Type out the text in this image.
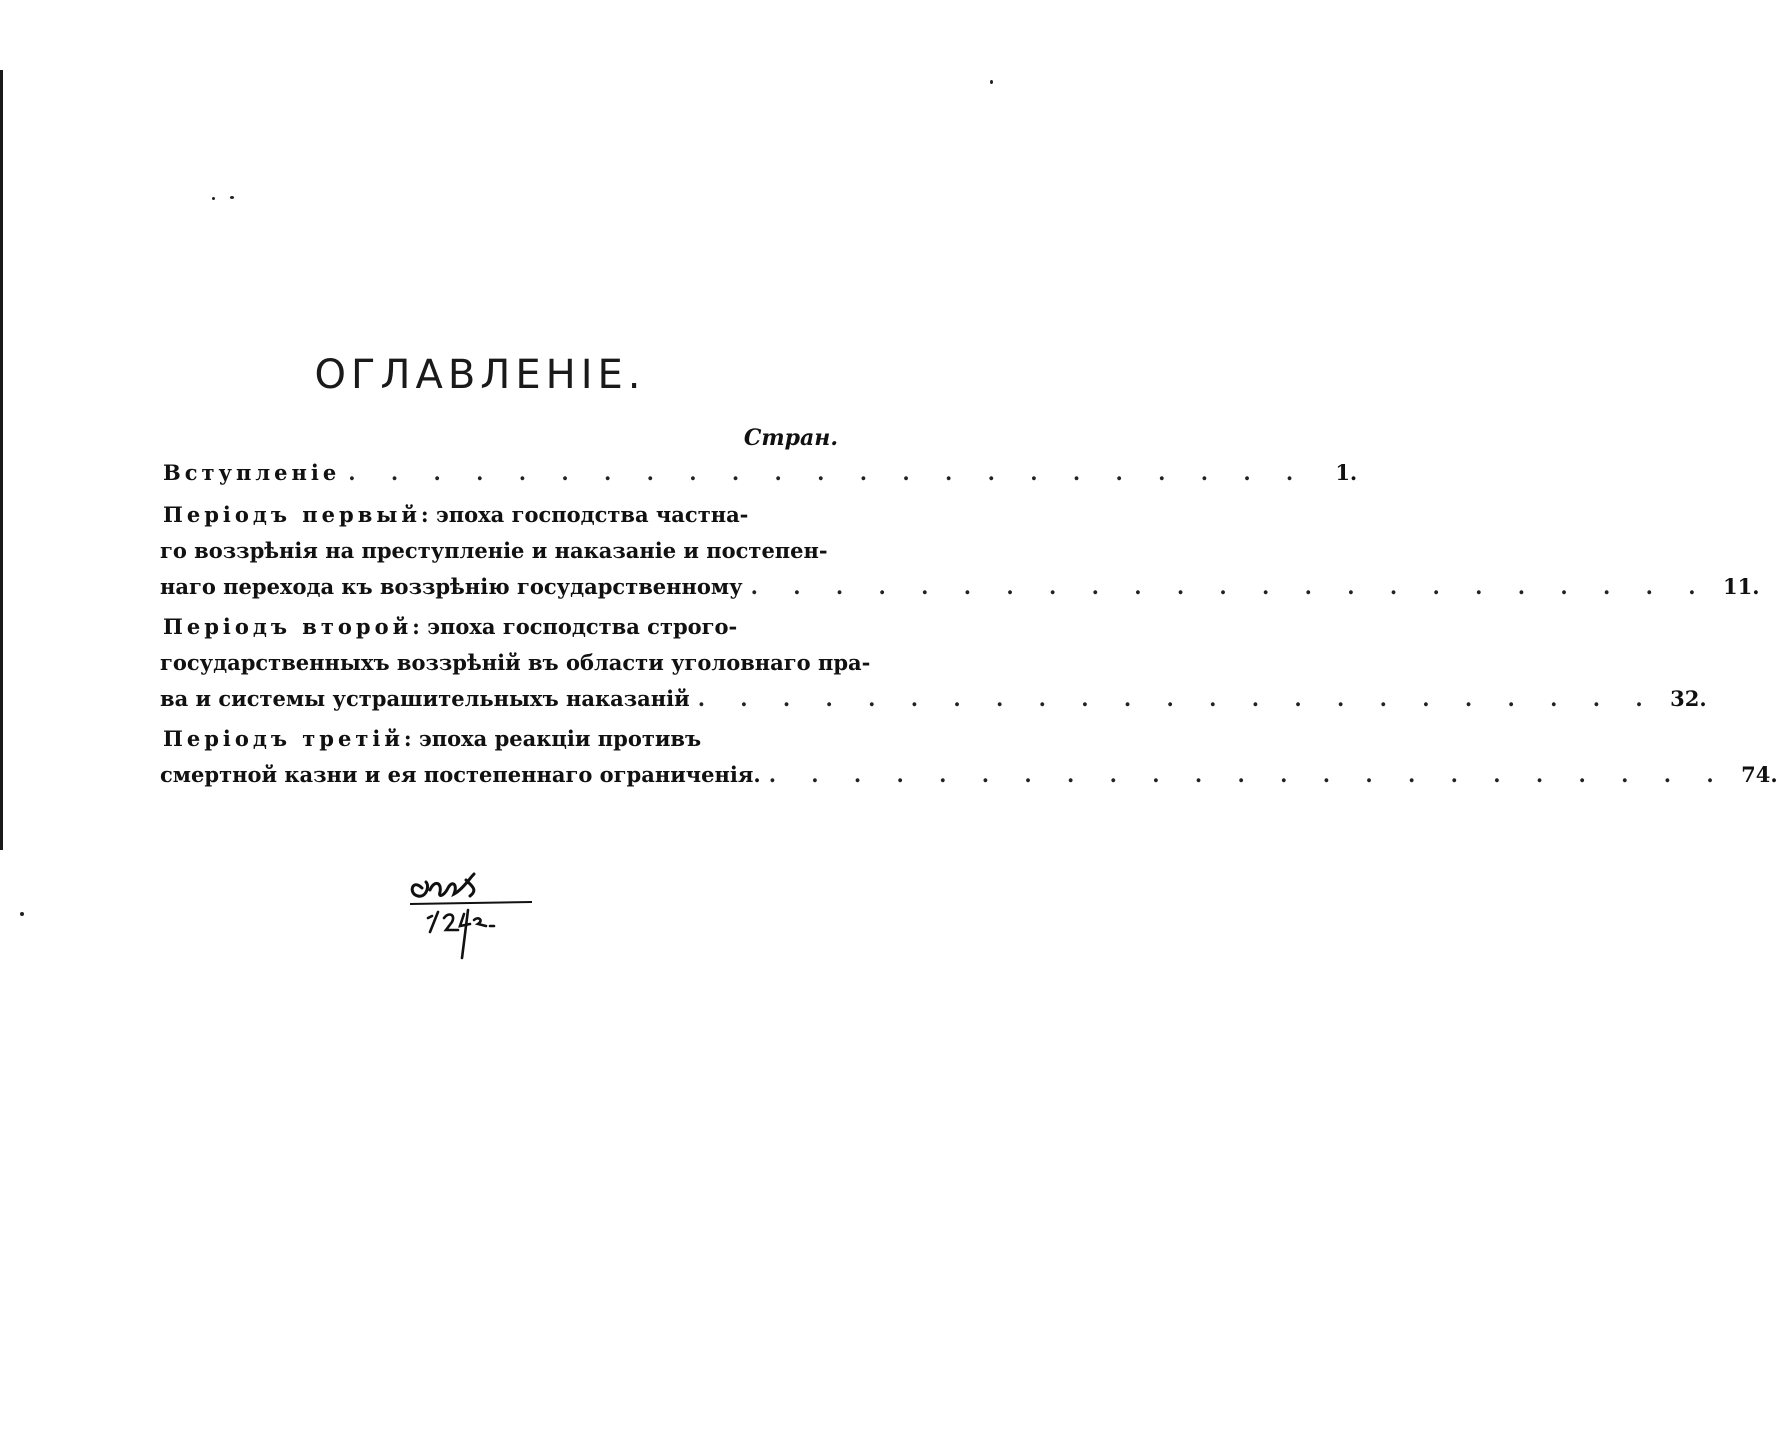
ОГЛАВЛЕНІЕ.
Стран.
Вступленіе . . . . . . . . . . . . . . . . . . . . . . .	1.
Періодъ первый: эпоха господства частна-
го воззрѣнія на преступленіе и наказаніе и постепен-
наго перехода къ воззрѣнію государственному . . . . . . . . . . . . . . . . . . . . . . . 11.
Періодъ второй: эпоха господства строго-
государственныхъ воззрѣній въ области уголовнаго пра-
ва и системы устрашительныхъ наказаній . . . . . . . . . . . . . . . . . . . . . . . 32.
Періодъ третій: эпоха реакціи противъ
смертной казни и ея постепеннаго ограниченія. . . . . . . . . . . . . . . . . . . . . . . . 74.
